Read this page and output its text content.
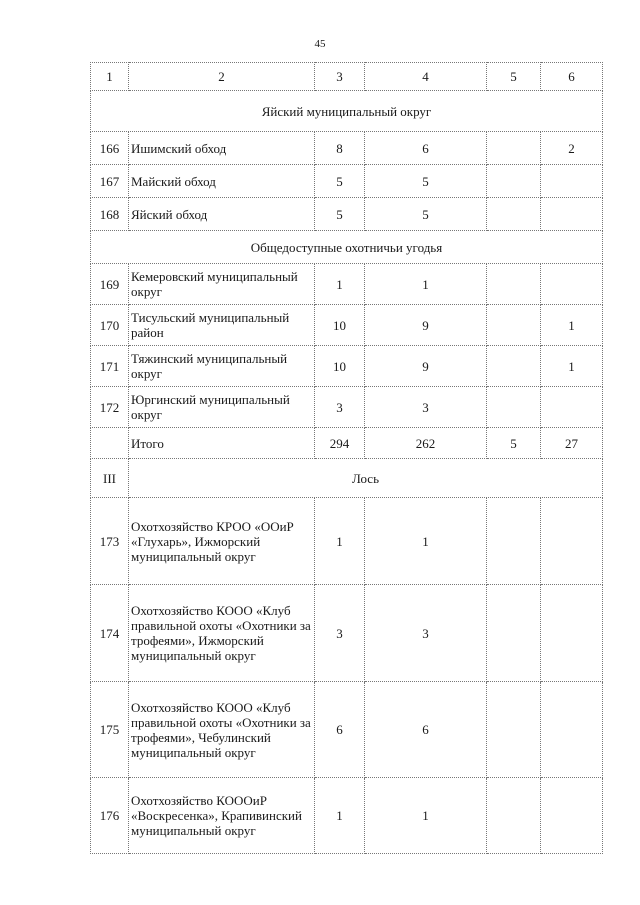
45
1	2	3	4	5	6
Яйский муниципальный округ					
166	Ишимский обход	8	6		2
167	Майский обход	5	5		
168	Яйский обход	5	5		
Общедоступные охотничьи угодья					
169	Кемеровский муниципальный округ	1	1		
170	Тисульский муниципальный район	10	9		1
171	Тяжинский муниципальный округ	10	9		1
172	Юргинский муниципальный округ	3	3		
	Итого	294	262	5	27
III	Лось				
173	Охотхозяйство КРОО «ООиР «Глухарь», Ижморский муниципальный округ	1	1		
174	Охотхозяйство КООО «Клуб правильной охоты «Охотники за трофеями», Ижморский муниципальный округ	3	3		
175	Охотхозяйство КООО «Клуб правильной охоты «Охотники за трофеями», Чебулинский муниципальный округ	6	6		
176	Охотхозяйство КОООиР «Воскресенка», Крапивинский муниципальный округ	1	1		
